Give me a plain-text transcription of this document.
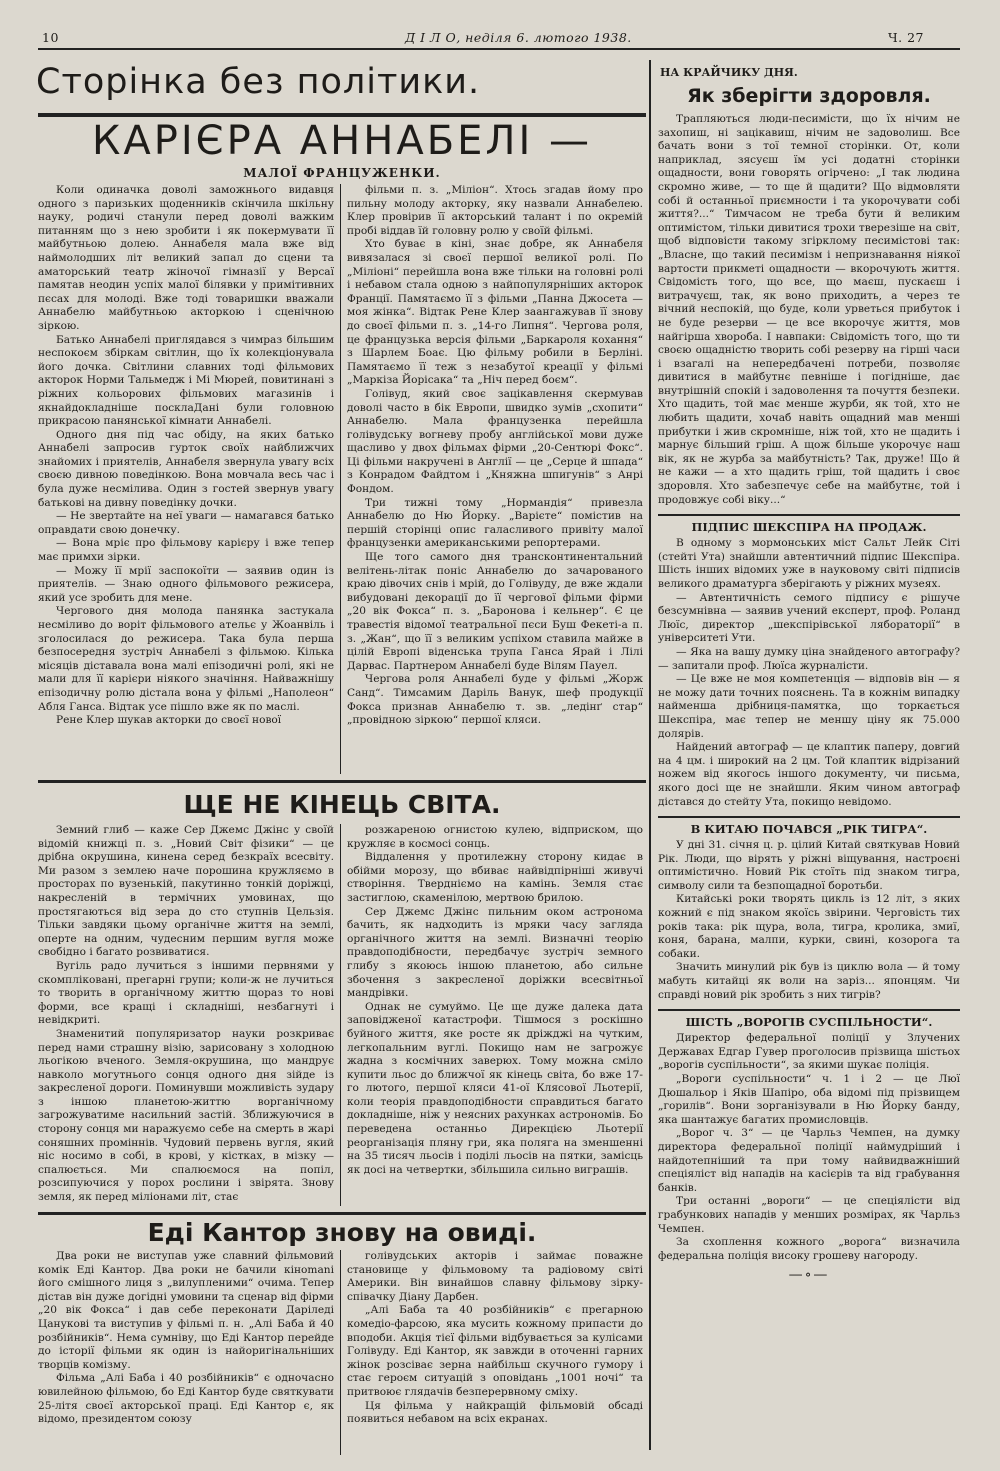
10	Д І Л О, неділя 6. лютого 1938.	Ч. 27
Сторінка без політики.
КАРІЄРА АННАБЕЛІ —
МАЛОЇ ФРАНЦУЖЕНКИ.

Коли одиначка доволі заможнього видавця одного з паризьких щоденників скінчила шкільну науку, родичі станули перед доволі важким питанням що з нею зробити і як покермувати її майбутньою долею. Аннабеля мала вже від наймолодших літ великий запал до сцени та аматорський театр жіночої гімназії у Версаї памятав неодин успіх малої білявки у примітивних пєсах для молоді. Вже тоді товаришки вважали Аннабелю майбутньою акторкою і сценічною зіркою.

Батько Аннабелі приглядався з чимраз більшим неспокоєм збіркам світлин, що їх колекціонувала його дочка. Світлини славних тоді фільмових акторок Норми Тальмедж і Мі Мюрей, повитинані з ріжних кольорових фільмових магазинів і якнайдокладніше посклаДані були головною прикрасою панянської кімнати Аннабелі.

Одного дня під час обіду, на яких батько Аннабелі запросив гурток своїх найближчих знайомих і приятелів, Аннабеля звернула увагу всіх своєю дивною поведінкою. Вона мовчала весь час і була дуже несміливa. Один з гостей звернув увагу батькові на дивну поведінку дочки.

— Не звертайте на неї уваги — намагався батько оправдати свою донечку.

— Вона мріє про фільмову карієру і вже тепер має примхи зірки.

— Можу її мрії заспокоїти — заявив один із приятелів. — Знаю одного фільмового режисера, який усе зробить для мене.

Чергового дня молода панянка застукала несміливо до воріт фільмового ательє у Жоанвіль і зголосилася до режисера. Така була перша безпосередня зустріч Аннабелі з фільмою. Кілька місяців діставала вона малі епізодичні ролі, які не мали для її карієри ніякого значіння. Найважнішу епізодичну ролю дістала вона у фільмі „Наполеон“ Абля Ганса. Відтак усе пішло вже як по маслі.

Рене Клер шукав акторки до своєї нової

фільми п. з. „Міліон“. Хтось згадав йому про пильну молоду акторку, яку назвали Аннабелею. Клер провірив її акторський талант і по окремій пробі віддав їй головну ролю у своїй фільмі.

Хто буває в кіні, знає добре, як Аннабеля вивязалася зі своєї першої великої ролі. По „Міліоні“ перейшла вона вже тільки на головні ролі і небавом стала одною з найпопулярніших акторок Франції. Памятаємо її з фільми „Панна Джосета — моя жінка“. Відтак Рене Клер заангажував її знову до своєї фільми п. з. „14-го Липня“. Чергова роля, це французька версія фільми „Баркароля кохання“ з Шарлем Боає. Цю фільму робили в Берліні. Памятаємо її теж з незабутої креації у фільмі „Маркіза Йорісака“ та „Ніч перед боєм“.

Голівуд, який своє зацікавлення скермував доволі часто в бік Европи, швидко зумів „схопити“ Аннабелю. Мала французенка перейшла голівудську вогневу пробу англійської мови дуже щасливо у двох фільмах фірми „20-Сентюрі Фокс“. Ці фільми накручені в Англії — це „Серце й шпада“ з Конрадом Файдтом і „Княжна шпигунів“ з Анрі Фондом.

Три тижні тому „Нормандія“ привезла Аннабелю до Ню Йорку. „Варієте“ помістив на першій сторінці опис галасливого привіту малої французенки американськими репортерами.

Ще того самого дня трансконтинентальний велітень-літак поніс Аннабелю до зачарованого краю дівочих снів і мрій, до Голівуду, де вже ждали вибудовані декорації до її чергової фільми фірми „20 вік Фокса“ п. з. „Баронова і кельнер“. Є це травестія відомої театральної пєси Буш Фекеті-а п. з. „Жан“, що її з великим успіхом ставила майже в цілій Европі віденська трупа Ганса Ярай і Лілі Дарвас. Партнером Аннабелі буде Вілям Пауел.

Чергова роля Аннабелі буде у фільмі „Жорж Санд“. Тимсамим Даріль Ванук, шеф продукції Фокса признав Аннабелю т. зв. „ледінґ стар“ „провідною зіркою“ першої кляси.

ЩЕ НЕ КІНЕЦЬ СВІТА.

Земний глиб — каже Сер Джемс Джінс у своїй відомій книжці п. з. „Новий Світ фізики“ — це дрібна окрушина, кинена серед безкраїх всесвіту. Ми разом з землею наче порошина кружляємо в просторах по вузенькій, пакутинно тонкій доріжці, накресленій в термічних умовинах, що простягаються від зера до сто ступнів Цельзія. Тільки завдяки цьому органічне життя на землі, оперте на одним, чудесним першим вугля може свобідно і багато розвиватися.

Вугіль радо лучиться з іншими первнями у скомпліковані, прегарні групи; коли-ж не лучиться то творить в органічному життю щораз то нові форми, все кращі і складніші, незбагнуті і невідкриті.

Знаменитий популяризатор науки розкриває перед нами страшну візію, зарисовану з холодною льогікою вченого. Земля-окрушина, що мандрує навколо могутнього сонця одного дня зійде із закресленої дороги. Поминувши можливість зудару з іншою планетою-життю ворганічному загрожуватиме насильний застій. Зближуючися в сторону сонця ми наражуємо себе на смерть в жарі соняшних проміннів. Чудовий первень вугля, який ніс носимо в собі, в крові, у кістках, в мізку — спалюється. Ми спалюємося на попіл, розсипуючися у порох рослини і звірята. Знову земля, як перед міліонами літ, стає

розжареною огнистою кулею, відприском, що кружляє в космосі сонць.

Віддалення у протилежну сторону кидає в обійми морозу, що вбиває найвідпірніші живучі створіння. Твердніємо на камінь. Земля стає застиглою, скаменілою, мертвою брилою.

Сер Джемс Джінс пильним оком астронома бачить, як надходить із мряки часу загляда органічного життя на землі. Визначні теорію правдоподібности, передбачує зустріч земного глибу з якоюсь іншою планетою, або сильне збочення з закресленої доріжки всесвітньої мандрівки.

Однак не сумуймо. Це ще дуже далека дата заповідженої катастрофи. Тішмося з роскішно буйного життя, яке росте як дріжджі на чутким, легкопальним вуглі. Покищо нам не загрожує жадна з космічних заверюх. Тому можна сміло купити льос до ближчої як кінець світа, бо вже 17-го лютого, першої кляси 41-ої Клясової Льотерії, коли теорія правдоподібности справдиться багато докладніше, ніж у неясних рахунках астрономів. Бо переведена останньо Дирекцією Льотерії реорганізація пляну гри, яка поляга на зменшенні на 35 тисяч льосів і поділі льосів на пятки, замісць як досі на четвертки, збільшила сильно виграшів.

Еді Кантор знову на овиді.

Два роки не виступав уже славний фільмовий комік Еді Кантор. Два роки не бачили кінomani його смішного лиця з „вилупленими“ очима. Тепер дістав він дуже догідні умовини та сценар від фірми „20 вік Фокса“ і дав себе переконати Даріледі Цанукові та виступив у фільмі п. н. „Алі Баба й 40 розбійників“. Нема сумніву, що Еді Кантор перейде до історії фільми як один із найоригінальніших творців комізму.

Фільма „Алі Баба і 40 розбійників“ є одночасно ювилейною фільмою, бо Еді Кантор буде святкувати 25-літя своєї акторської праці. Еді Кантор є, як відомо, президентом союзу

голівудських акторів і займає поважне становище у фільмовому та радіовому світі Америки. Він винайшов славну фільмову зірку-співачку Діану Дарбен.

„Алі Баба та 40 розбійників“ є прегарною комедіо-фарсою, яка мусить кожному припасти до вподоби. Акція тієї фільми відбувається за кулісами Голівуду. Еді Кантор, як завжди в оточенні гарних жінок розсіває зерна найбільш скучного гумору і стає героєм ситуацій з оповідань „1001 ночі“ та притвоює глядачів безперервному сміху.

Ця фільма у найкращій фільмовій обсаді появиться небавом на всіх екранах.

НА КРАЙЧИКУ ДНЯ.
Як зберігти здоровля.

Трапляються люди-песимісти, що їх нічим не захопиш, ні зацікавиш, нічим не задоволиш. Все бачать вони з тої темної сторінки. От, коли наприклад, зясуєш їм усі додатні сторінки ощадности, вони говорять огірчено: „І так людина скромно живе, — то ще й щадити? Що відмовляти собі й останньої приємности і та укорочувати собі життя?...“ Тимчасом не треба бути й великим оптимістом, тільки дивитися трохи тверезіше на світ, щоб відповісти такому згірклому песимістові так: „Власне, що такий песимізм і непризнавання ніякої вартости прикметі ощадности — вкорочують життя. Свідомість того, що все, що маєш, пускаєш і витрачуєш, так, як воно приходить, а через те вічний неспокій, що буде, коли урветься прибуток і не буде резерви — це все вкорочує життя, мов найгірша хвороба. І навпаки: Свідомість того, що ти своєю ощадністю творить собі резерву на гірші часи і взагалі на непередбачені потреби, позволяє дивитися в майбутнє певніше і погідніше, дає внутрішній спокій і задоволення та почуття безпеки. Хто щадить, той має менше журби, як той, хто не любить щадити, хочаб навіть ощадний мав менші прибутки і жив скромніше, ніж той, хто не щадить і марнує більший гріш. А щож більше укорочує наш вік, як не журба за майбутність? Так, друже! Що й не кажи — а хто щадить гріш, той щадить і своє здоровля. Хто забезпечує себе на майбутнє, той і продовжує собі віку...“

ПІДПИС ШЕКСПІРА НА ПРОДАЖ.

В одному з мормонських міст Сальт Лейк Сіті (стейті Ута) знайшли автентичний підпис Шекспіра. Шість інших відомих уже в науковому світі підписів великого драматурга зберігають у ріжних музеях.

— Автентичність семого підпису є рішуче безсумнівна — заявив учений експерт, проф. Роланд Люїс, директор „шекспірівської лябораторії“ в університеті Ути.

— Яка на вашу думку ціна знайденого автографу? — запитали проф. Люїса журналісти.

— Це вже не моя компетенція — відповів він — я не можу дати точних пояснень. Та в кожнім випадку найменша дрібниця-памятка, що торкається Шекспіра, має тепер не меншу ціну як 75.000 долярів.

Найдений автограф — це клаптик паперу, довгий на 4 цм. і широкий на 2 цм. Той клаптик відрізаний ножем від якогось іншого документу, чи письма, якого досі ще не знайшли. Яким чином автограф дістався до стейту Ута, покищо невідомо.

В КИТАЮ ПОЧАВСЯ „РІК ТИГРА“.

У дні 31. січня ц. р. цілий Китай святкував Новий Рік. Люди, що вірять у ріжні віщування, настроєні оптимістично. Новий Рік стоїть під знаком тигра, символу сили та безпощадної боротьби.

Китайські роки творять цикль із 12 літ, з яких кожний є під знаком якоїсь звірини. Черговість тих років така: рік щура, вола, тигра, кролика, змиї, коня, барана, малпи, курки, свині, козорога та собаки.

Значить минулий рік був із циклю вола — й тому мабуть китайці як воли на заріз... японцям. Чи справді новий рік зробить з них тигрів?

ШІСТЬ „ВОРОГІВ СУСПІЛЬНОСТИ“.

Директор федеральної поліції у Злучених Державах Едгар Гувер проголосив прізвища шістьох „ворогів суспільности“, за якими шукає поліція.

„Вороги суспільности“ ч. 1 і 2 — це Люї Дюшальор і Яків Шапіро, оба відомі під прізвищем „горилів“. Вони зорганізували в Ню Йорку банду, яка шантажує багатих промисловців.

„Ворог ч. 3“ — це Чарльз Чемпен, на думку директора федеральної поліції наймудріший і найдотепніший та при тому найвидважніший спеціяліст від нападів на касієрів та від грабування банків.

Три останні „вороги“ — це спеціялісти від грабункових нападів у менших розмірах, як Чарльз Чемпен.

За схоплення кожного „ворога“ визначила федеральна поліція високу грошеву нагороду.

—∘—
